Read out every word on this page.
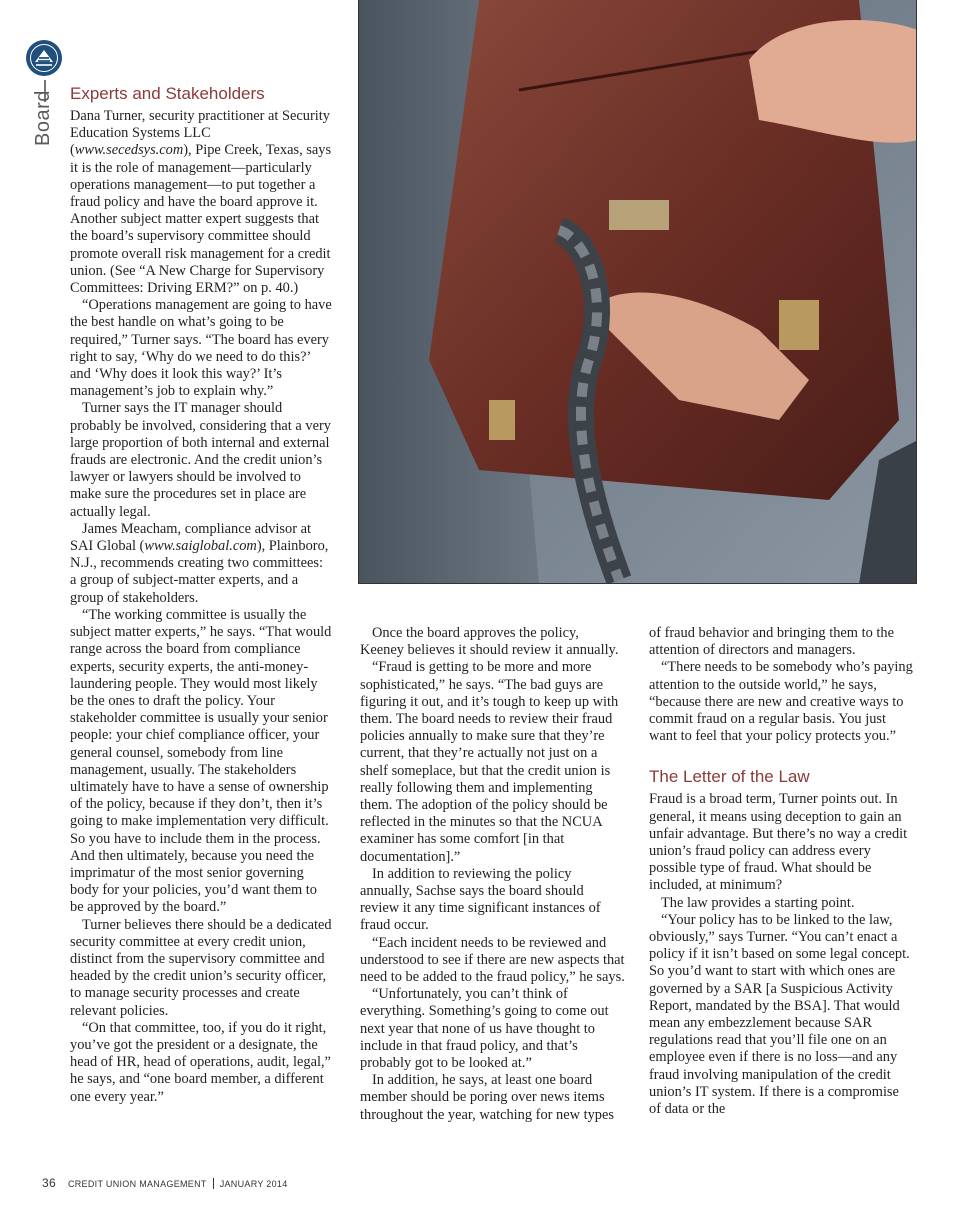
Board Experts and Stakeholders

Dana Turner, security practitioner at Security Education Systems LLC (www.secedsys.com), Pipe Creek, Texas, says it is the role of management—particularly operations management—to put together a fraud policy and have the board approve it. Another subject matter expert suggests that the board’s supervisory committee should promote overall risk management for a credit union. (See “A New Charge for Supervisory Committees: Driving ERM?” on p. 40.)

“Operations management are going to have the best handle on what’s going to be required,” Turner says. “The board has every right to say, ‘Why do we need to do this?’ and ‘Why does it look this way?’ It’s management’s job to explain why.”

Turner says the IT manager should probably be involved, considering that a very large proportion of both internal and external frauds are electronic. And the credit union’s lawyer or lawyers should be involved to make sure the procedures set in place are actually legal.

James Meacham, compliance advisor at SAI Global (www.saiglobal.com), Plainboro, N.J., recommends creating two committees: a group of subject-matter experts, and a group of stakeholders.

“The working committee is usually the subject matter experts,” he says. “That would range across the board from compliance experts, security experts, the anti-money-laundering people. They would most likely be the ones to draft the policy. Your stakeholder committee is usually your senior people: your chief compliance officer, your general counsel, somebody from line management, usually. The stakeholders ultimately have to have a sense of ownership of the policy, because if they don’t, then it’s going to make implementation very difficult. So you have to include them in the process. And then ultimately, because you need the imprimatur of the most senior governing body for your policies, you’d want them to be approved by the board.”

Turner believes there should be a dedicated security committee at every credit union, distinct from the supervisory committee and headed by the credit union’s security officer, to manage security processes and create relevant policies.

“On that committee, too, if you do it right, you’ve got the president or a designate, the head of HR, head of operations, audit, legal,” he says, and “one board member, a different one every year.”

Once the board approves the policy, Keeney believes it should review it annually.

“Fraud is getting to be more and more sophisticated,” he says. “The bad guys are figuring it out, and it’s tough to keep up with them. The board needs to review their fraud policies annually to make sure that they’re current, that they’re actually not just on a shelf someplace, but that the credit union is really following them and implementing them. The adoption of the policy should be reflected in the minutes so that the NCUA examiner has some comfort [in that documentation].”

In addition to reviewing the policy annually, Sachse says the board should review it any time significant instances of fraud occur.

“Each incident needs to be reviewed and understood to see if there are new aspects that need to be added to the fraud policy,” he says.

“Unfortunately, you can’t think of everything. Something’s going to come out next year that none of us have thought to include in that fraud policy, and that’s probably got to be looked at.”

In addition, he says, at least one board member should be poring over news items throughout the year, watching for new types

of fraud behavior and bringing them to the attention of directors and managers.

“There needs to be somebody who’s paying attention to the outside world,” he says, “because there are new and creative ways to commit fraud on a regular basis. You just want to feel that your policy protects you.”

The Letter of the Law

Fraud is a broad term, Turner points out. In general, it means using deception to gain an unfair advantage. But there’s no way a credit union’s fraud policy can address every possible type of fraud. What should be included, at minimum?

The law provides a starting point.

“Your policy has to be linked to the law, obviously,” says Turner. “You can’t enact a policy if it isn’t based on some legal concept. So you’d want to start with which ones are governed by a SAR [a Suspicious Activity Report, mandated by the BSA]. That would mean any embezzlement because SAR regulations read that you’ll file one on an employee even if there is no loss—and any fraud involving manipulation of the credit union’s IT system. If there is a compromise of data or the

36 CREDIT UNION MANAGEMENT JANUARY 2014
